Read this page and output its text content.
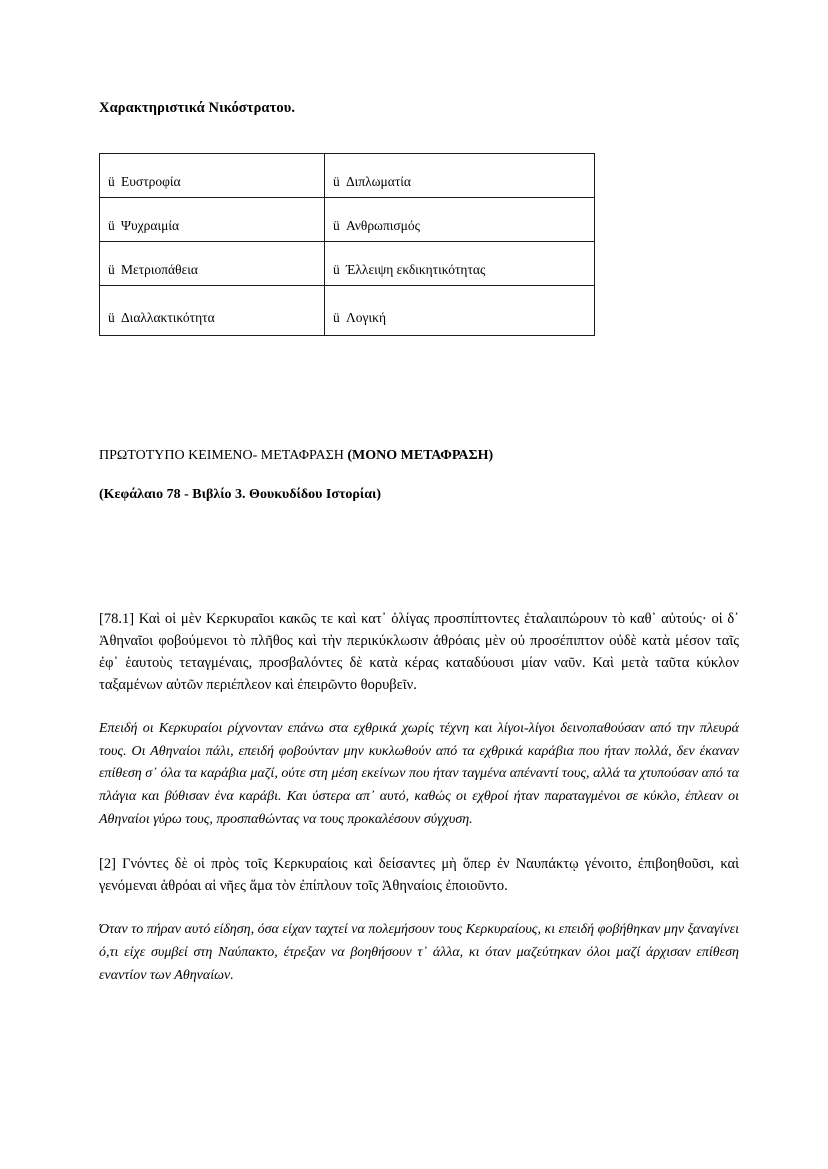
Χαρακτηριστικά Νικόστρατου.

ü Ευστροφία	ü Διπλωματία
ü Ψυχραιμία	ü Ανθρωπισμός
ü Μετριοπάθεια	ü Έλλειψη εκδικητικότητας
ü Διαλλακτικότητα	ü Λογική

ΠΡΩΤΟΤΥΠΟ ΚΕΙΜΕΝΟ- ΜΕΤΑΦΡΑΣΗ (ΜΟΝΟ ΜΕΤΑΦΡΑΣΗ)

(Κεφάλαιο 78 - Βιβλίο 3. Θουκυδίδου Ιστορίαι)

[78.1] Καὶ οἱ μὲν Κερκυραῖοι κακῶς τε καὶ κατ᾽ ὀλίγας προσπίπτοντες ἐταλαιπώρουν τὸ καθ᾽ αὑτούς· οἱ δ᾽ Ἀθηναῖοι φοβούμενοι τὸ πλῆθος καὶ τὴν περικύκλωσιν ἁθρόαις μὲν οὐ προσέπιπτον οὐδὲ κατὰ μέσον ταῖς ἐφ᾽ ἑαυτοὺς τεταγμέναις, προσβαλόντες δὲ κατὰ κέρας καταδύουσι μίαν ναῦν. Καὶ μετὰ ταῦτα κύκλον ταξαμένων αὐτῶν περιέπλεον καὶ ἐπειρῶντο θορυβεῖν.

Επειδή οι Κερκυραίοι ρίχνονταν επάνω στα εχθρικά χωρίς τέχνη και λίγοι-λίγοι δεινοπαθούσαν από την πλευρά τους. Οι Αθηναίοι πάλι, επειδή φοβούνταν μην κυκλωθούν από τα εχθρικά καράβια που ήταν πολλά, δεν έκαναν επίθεση σ᾽ όλα τα καράβια μαζί, ούτε στη μέση εκείνων που ήταν ταγμένα απέναντί τους, αλλά τα χτυπούσαν από τα πλάγια και βύθισαν ένα καράβι. Και ύστερα απ᾽ αυτό, καθώς οι εχθροί ήταν παραταγμένοι σε κύκλο, έπλεαν οι Αθηναίοι γύρω τους, προσπαθώντας να τους προκαλέσουν σύγχυση.

[2] Γνόντες δὲ οἱ πρὸς τοῖς Κερκυραίοις καὶ δείσαντες μὴ ὅπερ ἐν Ναυπάκτῳ γένοιτο, ἐπιβοηθοῦσι, καὶ γενόμεναι ἁθρόαι αἱ νῆες ἅμα τὸν ἐπίπλουν τοῖς Ἀθηναίοις ἐποιοῦντο.

Όταν το πήραν αυτό είδηση, όσα είχαν ταχτεί να πολεμήσουν τους Κερκυραίους, κι επειδή φοβήθηκαν μην ξαναγίνει ό,τι είχε συμβεί στη Ναύπακτο, έτρεξαν να βοηθήσουν τ᾽ άλλα, κι όταν μαζεύτηκαν όλοι μαζί άρχισαν επίθεση εναντίον των Αθηναίων.
